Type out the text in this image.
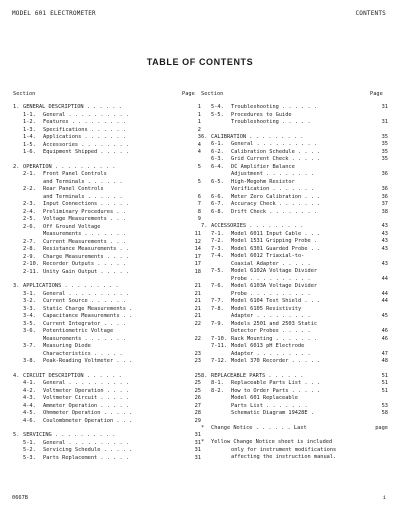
MODEL 601 ELECTROMETER	CONTENTS
TABLE OF CONTENTS
Section	Page Section	Page
1. GENERAL DESCRIPTION . . . . . .	1
1-1.	General . . . . . . . . . .	1
1-2.	Features . . . . . . . . .	1
1-3.	Specifications . . . . . .	2
1-4.	Applications . . . . . . .	3
1-5.	Accessories . . . . . . . .	4
1-6.	Equipment Shipped . . . . .	4
2. OPERATION . . . . . . . . . .	5
2-1.	Front Panel Controls
and Terminals . . . . . .	5
2-2.	Rear Panel Controls
and Terminals . . . . . .	6
2-3.	Input Connections . . . . .	7
2-4.	Preliminary Procedures . .	8
2-5.	Voltage Measurements . . .	9
2-6.	Off Ground Voltage
Measurements . . . . . . .	11
2-7.	Current Measurements . . .	12
2-8.	Resistance Measurements . .	14
2-9.	Charge Measurements . . . .	17
2-10. Recorder Outputs . . . . .	17
2-11. Unity Gain Output . . . . .	18
3. APPLICATIONS . . . . . . . . .	21
3-1.	General . . . . . . . . . .	21
3-2.	Current Source . . . . . .	21
3-3.	Static Charge Measurements .	21
3-4.	Capacitance Measurements . .	21
3-5.	Current Integrator . . . .	22
3-6.	Potentiometric Voltage
Measurements . . . . . . .	22
3-7.	Measuring Diode
Characteristics . . . . .	23
3-8.	Peak-Reading Voltmeter . . .	23
4. CIRCUIT DESCRIPTION . . . . . .	25
4-1.	General . . . . . . . . . .	25
4-2.	Voltmeter Operation . . . .	25
4-3.	Voltmeter Circuit . . . . .	26
4-4.	Ammeter Operation . . . . .	27
4-5.	Ohmmeter Operation . . . . .	28
4-6.	Coulombmeter Operation . . .	29
5. SERVICING . . . . . . . . . .	31
5-1.	General . . . . . . . . . .	31
5-2.	Servicing Schedule . . . . .	31
5-3.	Parts Replacement . . . . .	31
5-4.	Troubleshooting . . . . . .	31
5-5.	Procedures to Guide
Troubleshooting . . . . .	31
6. CALIBRATION . . . . . . . . .	35
6-1.	General . . . . . . . . . .	35
6-2.	Calibration Schedule . . . .	35
6-3.	Grid Current Check . . . . .	35
6-4.	DC Amplifier Balance
Adjustment . . . . . . . .	36
6-5.	High-Megohm Resistor
Verification . . . . . . .	36
6-6.	Meter Zero Calibration . . .	36
6-7.	Accuracy Check . . . . . . .	37
6-8.	Drift Check . . . . . . . .	38
7. ACCESSORIES . . . . . . . . .	43
7-1.	Model 6011 Input Cable . . .	43
7-2.	Model 1531 Gripping Probe .	43
7-3.	Model 6301 Guarded Probe . .	43
7-4.	Model 6012 Triaxial-to-
Coaxial Adapter . . . . .	43
7-5.	Model 6102A Voltage Divider
Probe . . . . . . . . . .	44
7-6.	Model 6103A Voltage Divider
Probe . . . . . . . . . .	44
7-7.	Model 6104 Test Shield . . .	44
7-8.	Model 6105 Resistivity
Adapter . . . . . . . . .	45
7-9.	Models 2501 and 2503 Static
Detector Probes . . . . .	46
7-10. Rack Mounting . . . . . . .	46
7-11. Model 6013 pH Electrode
Adapter . . . . . . . . .	47
7-12. Model 370 Recorder . . . . .	48
8. REPLACEABLE PARTS . . . . . .	51
8-1.	Replaceable Parts List . . .	51
8-2.	How to Order Parts . . . . .	51
Model 601 Replaceable
Parts List . . . . . . .	53
Schematic Diagram 19428E .	58
*	Change Notice . . . . . . Last	page
*	Yellow Change Notice sheet is included
only for instrument modifications
affecting the instruction manual.
0667B	i
